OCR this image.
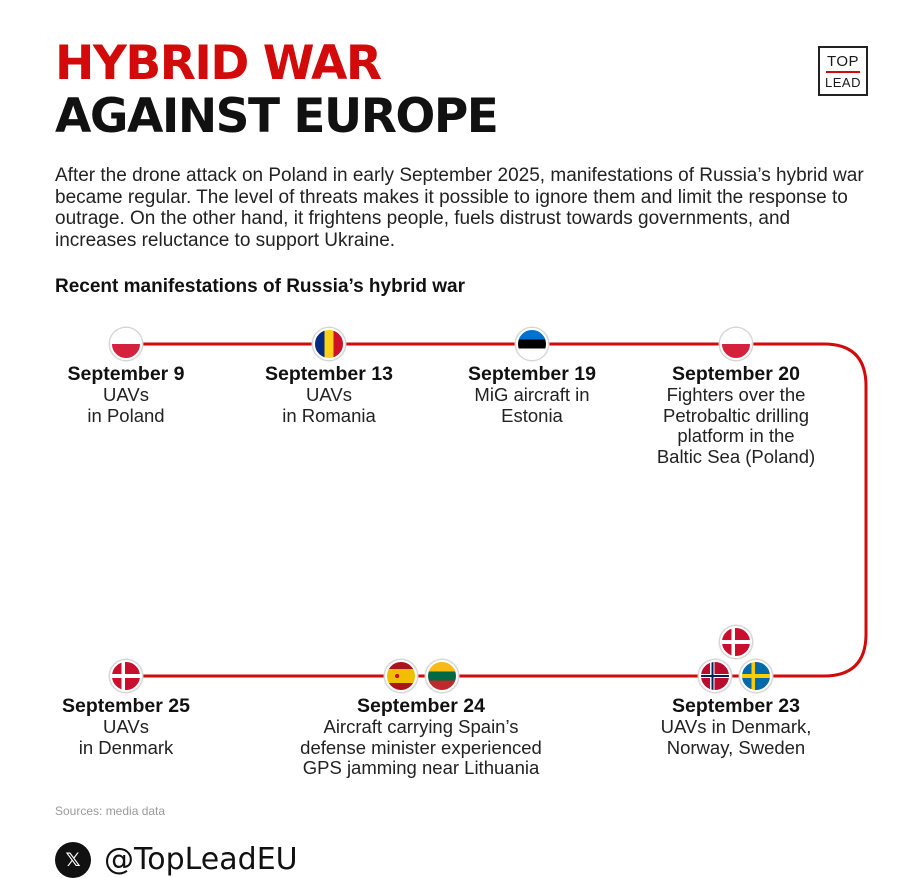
HYBRID WAR
AGAINST EUROPE
TOP
LEAD
After the drone attack on Poland in early September 2025, manifestations of Russia’s hybrid war became regular. The level of threats makes it possible to ignore them and limit the response to outrage. On the other hand, it frightens people, fuels distrust towards governments, and increases reluctance to support Ukraine.
Recent manifestations of Russia’s hybrid war
September 9
UAVs
in Poland
September 13
UAVs
in Romania
September 19
MiG aircraft in
Estonia
September 20
Fighters over the
Petrobaltic drilling
platform in the
Baltic Sea (Poland)
September 23
UAVs in Denmark,
Norway, Sweden
September 24
Aircraft carrying Spain’s
defense minister experienced
GPS jamming near Lithuania
September 25
UAVs
in Denmark
Sources: media data
𝕏 @TopLeadEU
